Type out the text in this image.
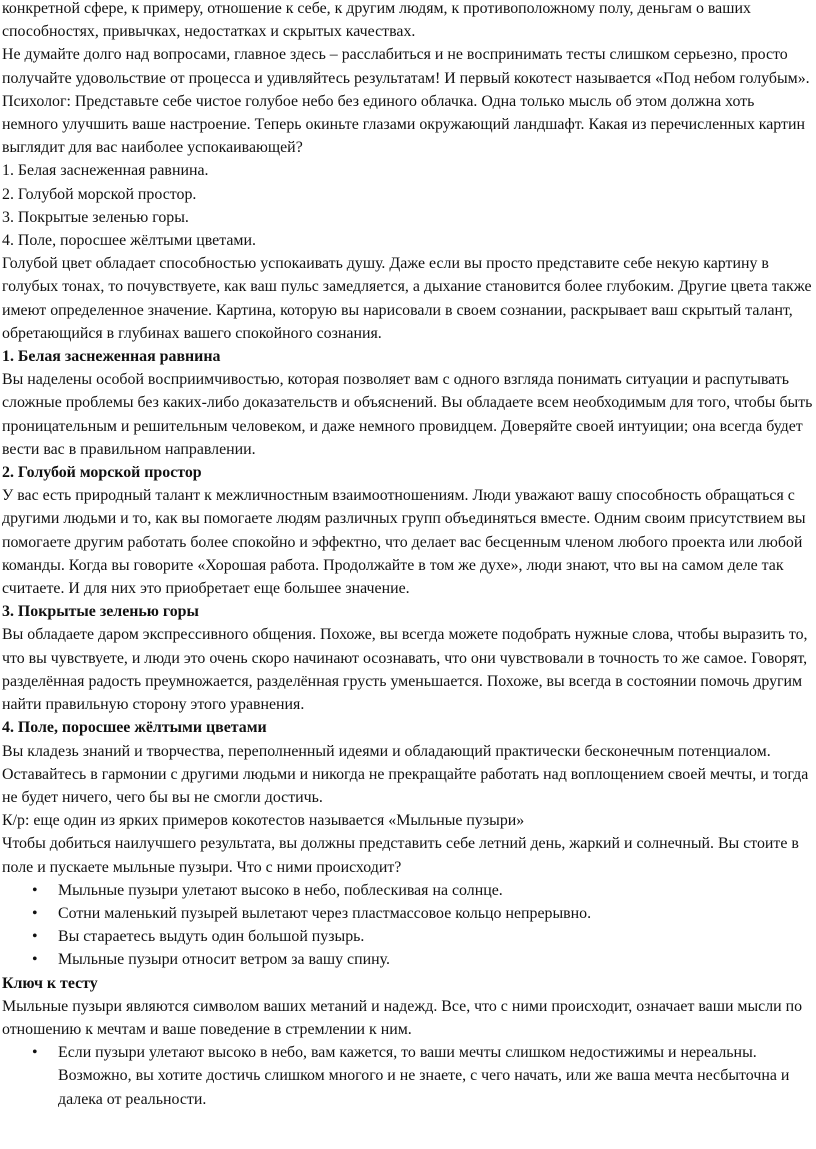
конкретной сфере, к примеру, отношение к себе, к другим людям, к противоположному полу, деньгам о ваших способностях, привычках, недостатках и скрытых качествах.

Не думайте долго над вопросами, главное здесь – расслабиться и не воспринимать тесты слишком серьезно, просто получайте удовольствие от процесса и удивляйтесь результатам! И первый кокотест называется «Под небом голубым».

Психолог: Представьте себе чистое голубое небо без единого облачка. Одна только мысль об этом должна хоть немного улучшить ваше настроение. Теперь окиньте глазами окружающий ландшафт. Какая из перечисленных картин выглядит для вас наиболее успокаивающей?

1. Белая заснеженная равнина.

2. Голубой морской простор.

3. Покрытые зеленью горы.

4. Поле, поросшее жёлтыми цветами.

Голубой цвет обладает способностью успокаивать душу. Даже если вы просто представите себе некую картину в голубых тонах, то почувствуете, как ваш пульс замедляется, а дыхание становится более глубоким. Другие цвета также имеют определенное значение. Картина, которую вы нарисовали в своем сознании, раскрывает ваш скрытый талант, обретающийся в глубинах вашего спокойного сознания.

1. Белая заснеженная равнина

Вы наделены особой восприимчивостью, которая позволяет вам с одного взгляда понимать ситуации и распутывать сложные проблемы без каких-либо доказательств и объяснений. Вы обладаете всем необходимым для того, чтобы быть проницательным и решительным человеком, и даже немного провидцем. Доверяйте своей интуиции; она всегда будет вести вас в правильном направлении.

2. Голубой морской простор

У вас есть природный талант к межличностным взаимоотношениям. Люди уважают вашу способность обращаться с другими людьми и то, как вы помогаете людям различных групп объединяться вместе. Одним своим присутствием вы помогаете другим работать более спокойно и эффектно, что делает вас бесценным членом любого проекта или любой команды. Когда вы говорите «Хорошая работа. Продолжайте в том же духе», люди знают, что вы на самом деле так считаете. И для них это приобретает еще большее значение.

3. Покрытые зеленью горы

Вы обладаете даром экспрессивного общения. Похоже, вы всегда можете подобрать нужные слова, чтобы выразить то, что вы чувствуете, и люди это очень скоро начинают осознавать, что они чувствовали в точность то же самое. Говорят, разделённая радость преумножается, разделённая грусть уменьшается. Похоже, вы всегда в состоянии помочь другим найти правильную сторону этого уравнения.

4. Поле, поросшее жёлтыми цветами

Вы кладезь знаний и творчества, переполненный идеями и обладающий практически бесконечным потенциалом. Оставайтесь в гармонии с другими людьми и никогда не прекращайте работать над воплощением своей мечты, и тогда не будет ничего, чего бы вы не смогли достичь.

К/р: еще один из ярких примеров кокотестов называется «Мыльные пузыри»

Чтобы добиться наилучшего результата, вы должны представить себе летний день, жаркий и солнечный. Вы стоите в поле и пускаете мыльные пузыри. Что с ними происходит?

• Мыльные пузыри улетают высоко в небо, поблескивая на солнце.
• Сотни маленький пузырей вылетают через пластмассовое кольцо непрерывно.
• Вы стараетесь выдуть один большой пузырь.
• Мыльные пузыри относит ветром за вашу спину.

Ключ к тесту

Мыльные пузыри являются символом ваших метаний и надежд. Все, что с ними происходит, означает ваши мысли по отношению к мечтам и ваше поведение в стремлении к ним.

• Если пузыри улетают высоко в небо, вам кажется, то ваши мечты слишком недостижимы и нереальны. Возможно, вы хотите достичь слишком многого и не знаете, с чего начать, или же ваша мечта несбыточна и далека от реальности.
